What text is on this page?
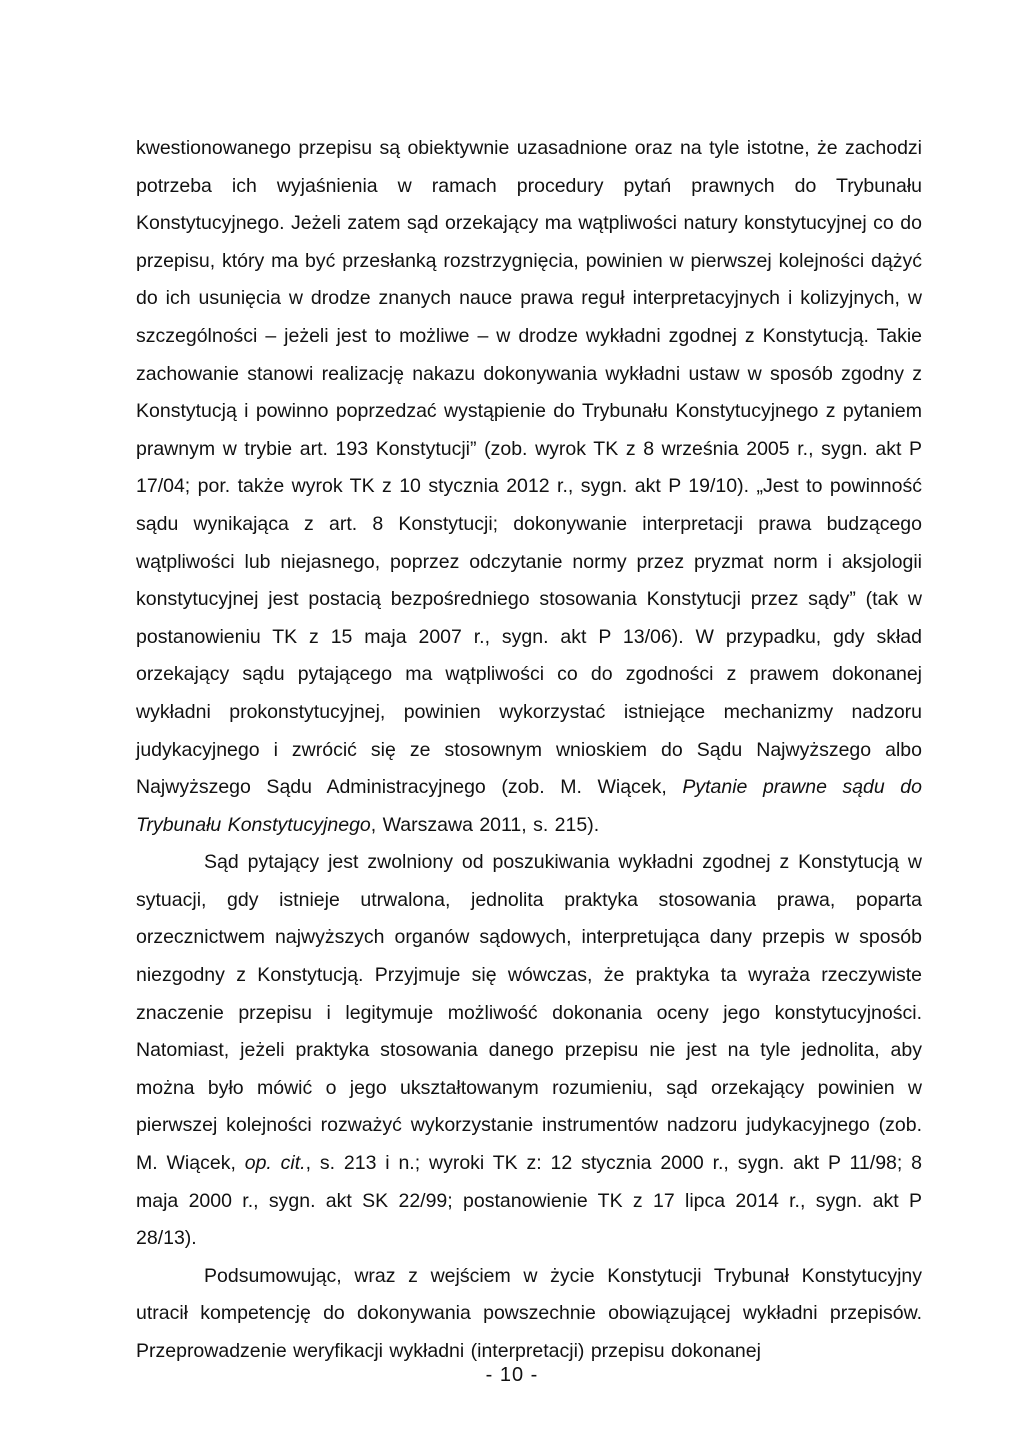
kwestionowanego przepisu są obiektywnie uzasadnione oraz na tyle istotne, że zachodzi potrzeba ich wyjaśnienia w ramach procedury pytań prawnych do Trybunału Konstytucyjnego. Jeżeli zatem sąd orzekający ma wątpliwości natury konstytucyjnej co do przepisu, który ma być przesłanką rozstrzygnięcia, powinien w pierwszej kolejności dążyć do ich usunięcia w drodze znanych nauce prawa reguł interpretacyjnych i kolizyjnych, w szczególności – jeżeli jest to możliwe – w drodze wykładni zgodnej z Konstytucją. Takie zachowanie stanowi realizację nakazu dokonywania wykładni ustaw w sposób zgodny z Konstytucją i powinno poprzedzać wystąpienie do Trybunału Konstytucyjnego z pytaniem prawnym w trybie art. 193 Konstytucji” (zob. wyrok TK z 8 września 2005 r., sygn. akt P 17/04; por. także wyrok TK z 10 stycznia 2012 r., sygn. akt P 19/10). „Jest to powinność sądu wynikająca z art. 8 Konstytucji; dokonywanie interpretacji prawa budzącego wątpliwości lub niejasnego, poprzez odczytanie normy przez pryzmat norm i aksjologii konstytucyjnej jest postacią bezpośredniego stosowania Konstytucji przez sądy” (tak w postanowieniu TK z 15 maja 2007 r., sygn. akt P 13/06). W przypadku, gdy skład orzekający sądu pytającego ma wątpliwości co do zgodności z prawem dokonanej wykładni prokonstytucyjnej, powinien wykorzystać istniejące mechanizmy nadzoru judykacyjnego i zwrócić się ze stosownym wnioskiem do Sądu Najwyższego albo Najwyższego Sądu Administracyjnego (zob. M. Wiącek, Pytanie prawne sądu do Trybunału Konstytucyjnego, Warszawa 2011, s. 215).

Sąd pytający jest zwolniony od poszukiwania wykładni zgodnej z Konstytucją w sytuacji, gdy istnieje utrwalona, jednolita praktyka stosowania prawa, poparta orzecznictwem najwyższych organów sądowych, interpretująca dany przepis w sposób niezgodny z Konstytucją. Przyjmuje się wówczas, że praktyka ta wyraża rzeczywiste znaczenie przepisu i legitymuje możliwość dokonania oceny jego konstytucyjności. Natomiast, jeżeli praktyka stosowania danego przepisu nie jest na tyle jednolita, aby można było mówić o jego ukształtowanym rozumieniu, sąd orzekający powinien w pierwszej kolejności rozważyć wykorzystanie instrumentów nadzoru judykacyjnego (zob. M. Wiącek, op. cit., s. 213 i n.; wyroki TK z: 12 stycznia 2000 r., sygn. akt P 11/98; 8 maja 2000 r., sygn. akt SK 22/99; postanowienie TK z 17 lipca 2014 r., sygn. akt P 28/13).

Podsumowując, wraz z wejściem w życie Konstytucji Trybunał Konstytucyjny utracił kompetencję do dokonywania powszechnie obowiązującej wykładni przepisów. Przeprowadzenie weryfikacji wykładni (interpretacji) przepisu dokonanej

- 10 -
